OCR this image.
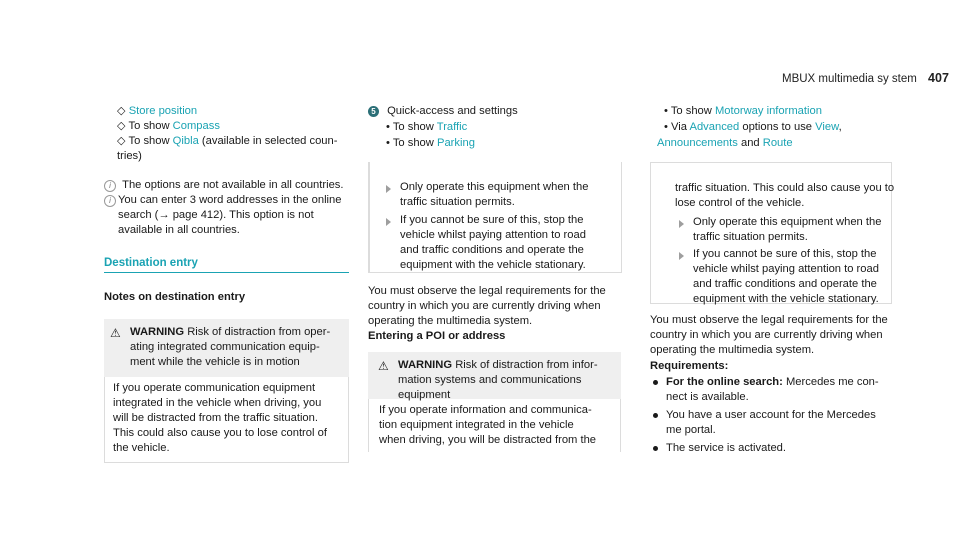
MBUX multimedia sy stem 407
◇ Store position
◇ To show Compass
◇ To show Qibla (available in selected coun-
tries)
i The options are not available in all countries.
i You can enter 3 word addresses in the online
search (→ page 412). This option is not
available in all countries.
Destination entry
Notes on destination entry
⚠ WARNING Risk of distraction from oper-
ating integrated communication equip-
ment while the vehicle is in motion
If you operate communication equipment
integrated in the vehicle when driving, you
will be distracted from the traffic situation.
This could also cause you to lose control of
the vehicle.
5 Quick-access and settings
• To show Traffic
• To show Parking
Only operate this equipment when the
traffic situation permits.
If you cannot be sure of this, stop the
vehicle whilst paying attention to road
and traffic conditions and operate the
equipment with the vehicle stationary.
You must observe the legal requirements for the
country in which you are currently driving when
operating the multimedia system.
Entering a POI or address
⚠ WARNING Risk of distraction from infor-
mation systems and communications
equipment
If you operate information and communica-
tion equipment integrated in the vehicle
when driving, you will be distracted from the
• To show Motorway information
• Via Advanced options to use View,
Announcements and Route
traffic situation. This could also cause you to
lose control of the vehicle.
Only operate this equipment when the
traffic situation permits.
If you cannot be sure of this, stop the
vehicle whilst paying attention to road
and traffic conditions and operate the
equipment with the vehicle stationary.
You must observe the legal requirements for the
country in which you are currently driving when
operating the multimedia system.
Requirements:
For the online search: Mercedes me con-
nect is available.
You have a user account for the Mercedes
me portal.
The service is activated.
